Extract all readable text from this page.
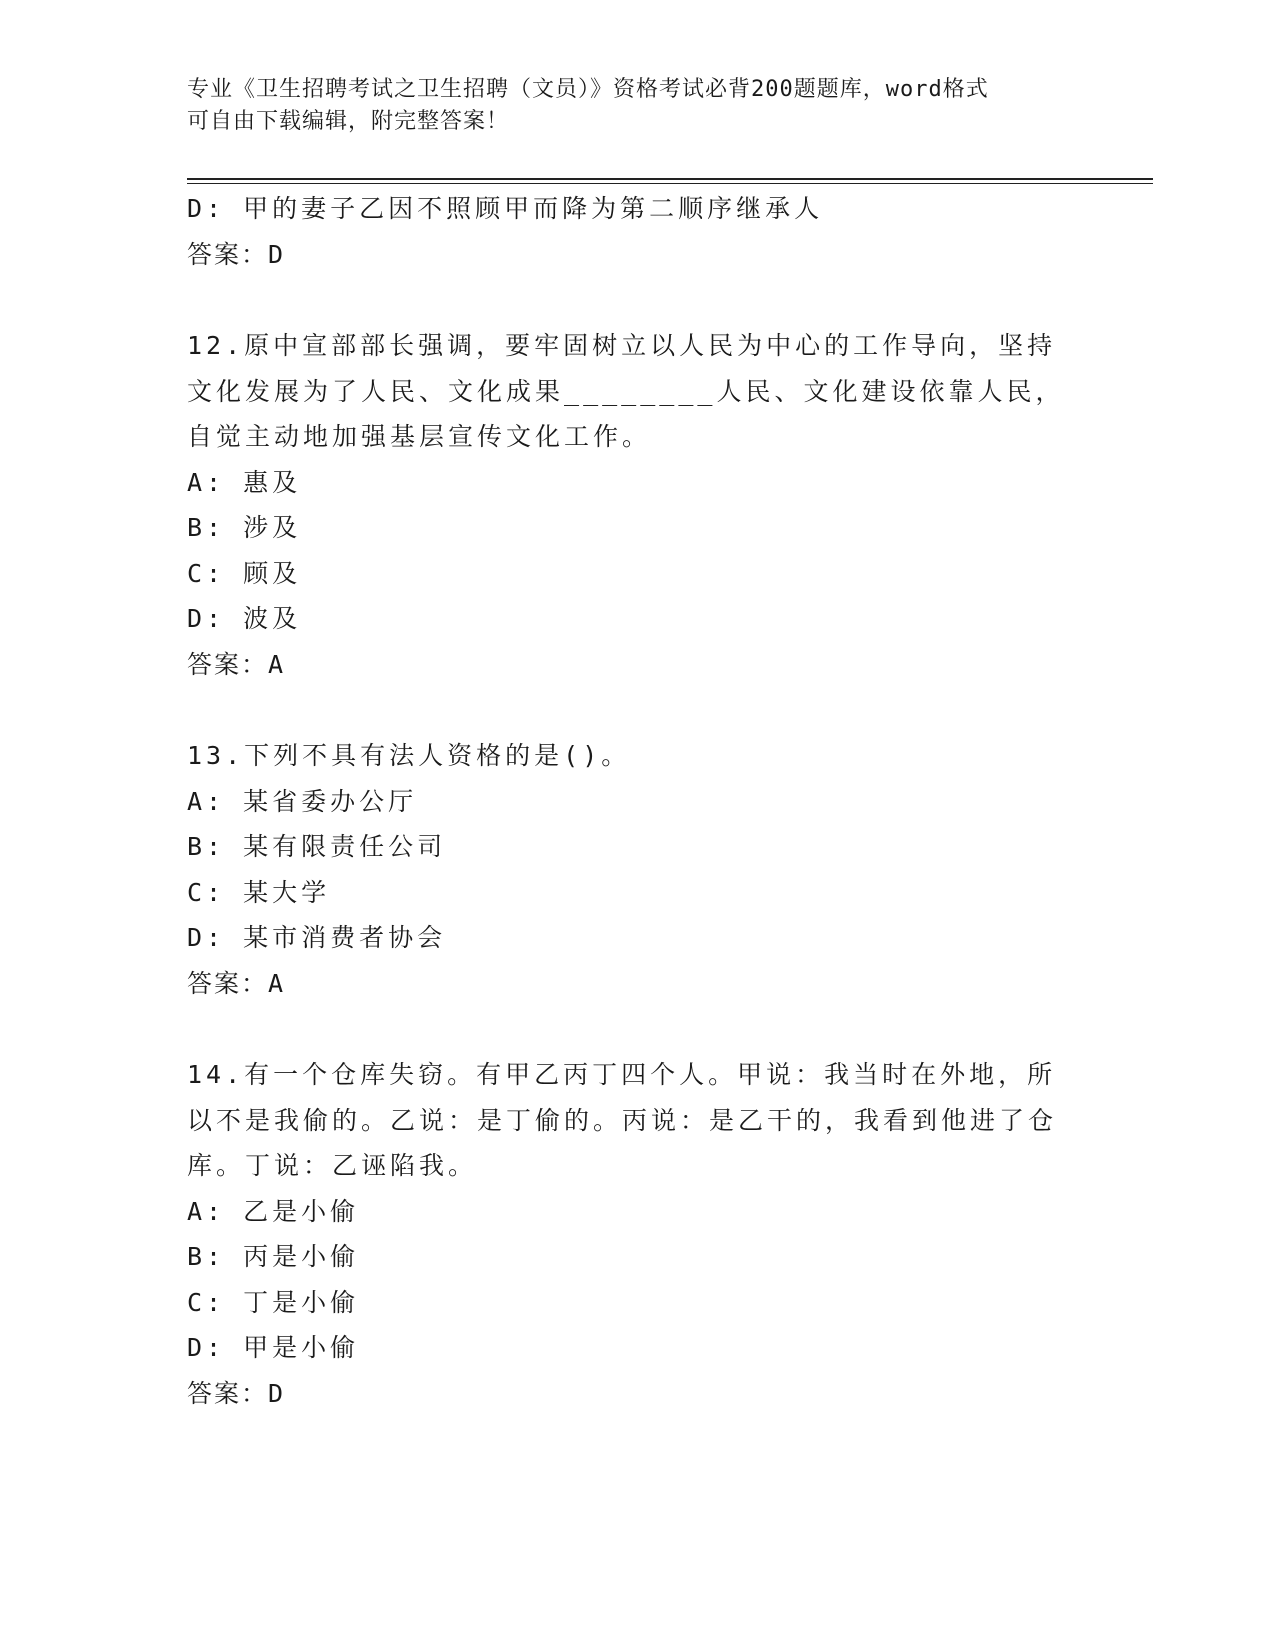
专业《卫生招聘考试之卫生招聘（文员）》资格考试必背200题题库，word格式
可自由下载编辑，附完整答案！
D: 甲的妻子乙因不照顾甲而降为第二顺序继承人
答案：D
12.原中宣部部长强调，要牢固树立以人民为中心的工作导向，坚持文化发展为了人民、文化成果________人民、文化建设依靠人民，自觉主动地加强基层宣传文化工作。
A: 惠及
B: 涉及
C: 顾及
D: 波及
答案：A
13.下列不具有法人资格的是()。
A: 某省委办公厅
B: 某有限责任公司
C: 某大学
D: 某市消费者协会
答案：A
14.有一个仓库失窃。有甲乙丙丁四个人。甲说：我当时在外地，所以不是我偷的。乙说：是丁偷的。丙说：是乙干的，我看到他进了仓库。丁说：乙诬陷我。
A: 乙是小偷
B: 丙是小偷
C: 丁是小偷
D: 甲是小偷
答案：D
